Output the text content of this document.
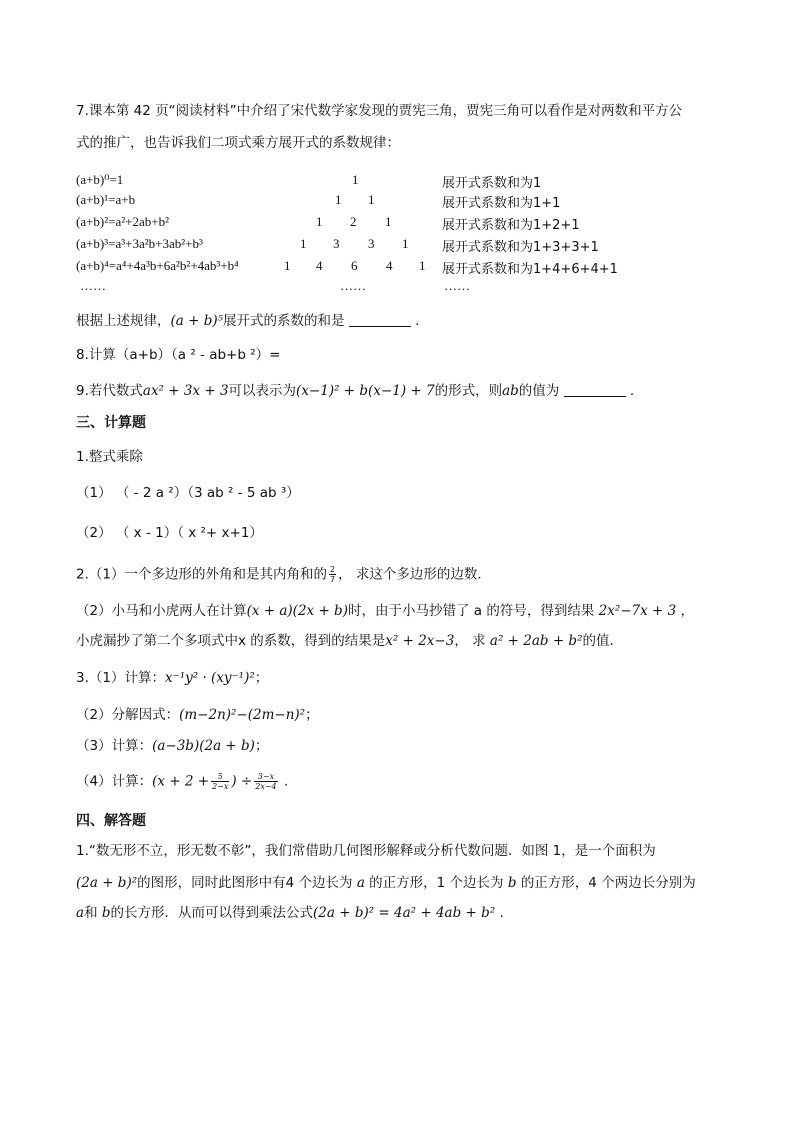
7.课本第 42 页“阅读材料”中介绍了宋代数学家发现的贾宪三角，贾宪三角可以看作是对两数和平方公
式的推广，也告诉我们二项式乘方展开式的系数规律：
(a+b)⁰=1	1	展开式系数和为1
(a+b)¹=a+b	1 1	展开式系数和为1+1
(a+b)²=a²+2ab+b²	1 2 1	展开式系数和为1+2+1
(a+b)³=a³+3a²b+3ab²+b³	1 3 3 1	展开式系数和为1+3+3+1
(a+b)⁴=a⁴+4a³b+6a²b²+4ab³+b⁴	1 4 6 4 1 展开式系数和为1+4+6+4+1
……	……	……
根据上述规律，(a + b)⁵展开式的系数的和是	.
8.计算（a+b）（a ² - ab+b ²）=
9.若代数式ax² + 3x + 3可以表示为(x−1)² + b(x−1) + 7的形式，则ab的值为	.
三、计算题
1.整式乘除
（1） （ - 2 a ²）（3 ab ² - 5 ab ³）
（2） （ x - 1）（ x ²+ x+1）
2.（1）一个多边形的外角和是其内角和的 $\frac{2}{7}$ ， 求这个多边形的边数．
（2）小马和小虎两人在计算(x + a)(2x + b)时，由于小马抄错了 a 的符号，得到结果 2x²−7x + 3 ，
小虎漏抄了第二个多项式中x 的系数，得到的结果是x² + 2x−3， 求 a² + 2ab + b²的值．
3.（1）计算：x⁻¹y² · (xy⁻¹)²；
（2）分解因式：(m−2n)²−(2m−n)²；
（3）计算：(a−3b)(2a + b)；
（4）计算：($x + 2 + \frac{5}{2-x}$ ) ÷ $\frac{3-x}{2x-4}$ .
四、解答题
1.“数无形不立，形无数不彰”，我们常借助几何图形解释或分析代数问题．如图 1，是一个面积为
(2a + b)²的图形，同时此图形中有4 个边长为 a 的正方形，1 个边长为 b 的正方形，4 个两边长分别为
a和 b的长方形．从而可以得到乘法公式(2a + b)² = 4a² + 4ab + b² .
